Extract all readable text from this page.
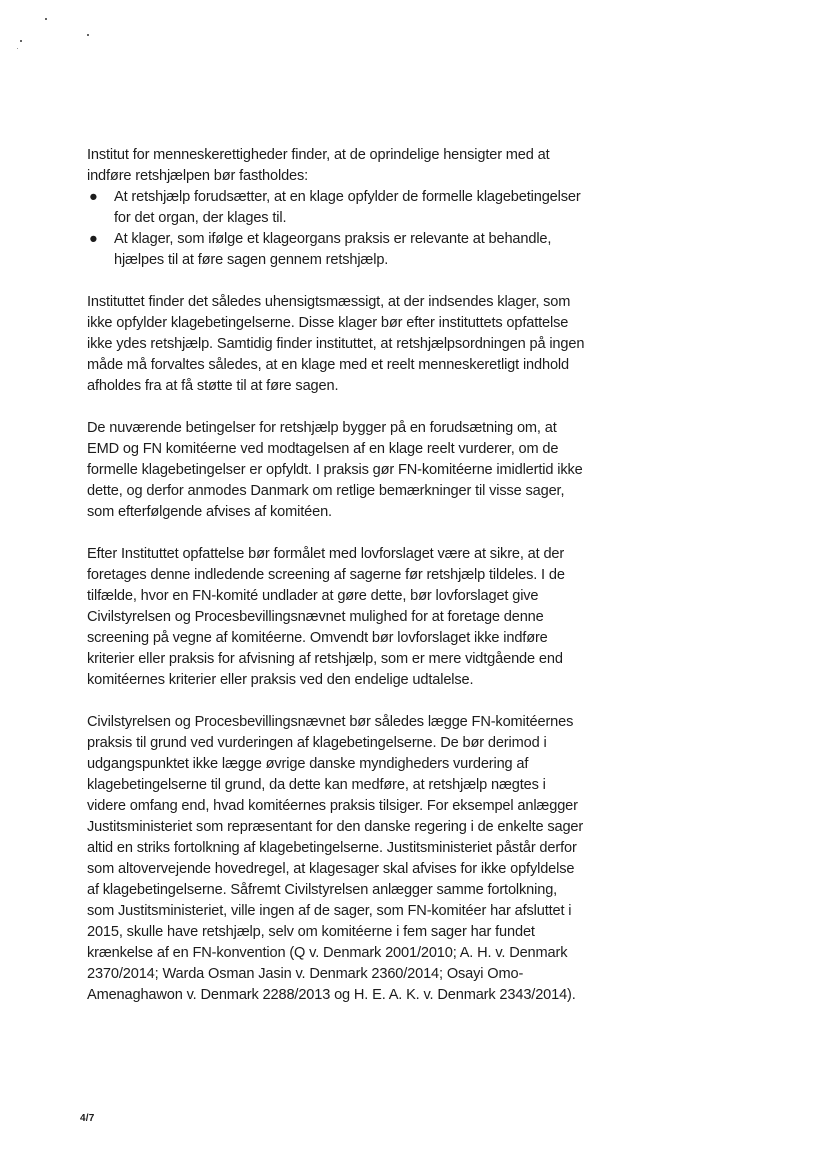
Institut for menneskerettigheder finder, at de oprindelige hensigter med at indføre retshjælpen bør fastholdes:

● At retshjælp forudsætter, at en klage opfylder de formelle klagebetingelser for det organ, der klages til.
● At klager, som ifølge et klageorgans praksis er relevante at behandle, hjælpes til at føre sagen gennem retshjælp.

Instituttet finder det således uhensigtsmæssigt, at der indsendes klager, som ikke opfylder klagebetingelserne. Disse klager bør efter instituttets opfattelse ikke ydes retshjælp. Samtidig finder instituttet, at retshjælpsordningen på ingen måde må forvaltes således, at en klage med et reelt menneskeretligt indhold afholdes fra at få støtte til at føre sagen.

De nuværende betingelser for retshjælp bygger på en forudsætning om, at EMD og FN komitéerne ved modtagelsen af en klage reelt vurderer, om de formelle klagebetingelser er opfyldt. I praksis gør FN-komitéerne imidlertid ikke dette, og derfor anmodes Danmark om retlige bemærkninger til visse sager, som efterfølgende afvises af komitéen.

Efter Instituttet opfattelse bør formålet med lovforslaget være at sikre, at der foretages denne indledende screening af sagerne før retshjælp tildeles. I de tilfælde, hvor en FN-komité undlader at gøre dette, bør lovforslaget give Civilstyrelsen og Procesbevillingsnævnet mulighed for at foretage denne screening på vegne af komitéerne. Omvendt bør lovforslaget ikke indføre kriterier eller praksis for afvisning af retshjælp, som er mere vidtgående end komitéernes kriterier eller praksis ved den endelige udtalelse.

Civilstyrelsen og Procesbevillingsnævnet bør således lægge FN-komitéernes praksis til grund ved vurderingen af klagebetingelserne. De bør derimod i udgangspunktet ikke lægge øvrige danske myndigheders vurdering af klagebetingelserne til grund, da dette kan medføre, at retshjælp nægtes i videre omfang end, hvad komitéernes praksis tilsiger. For eksempel anlægger Justitsministeriet som repræsentant for den danske regering i de enkelte sager altid en striks fortolkning af klagebetingelserne. Justitsministeriet påstår derfor som altovervejende hovedregel, at klagesager skal afvises for ikke opfyldelse af klagebetingelserne. Såfremt Civilstyrelsen anlægger samme fortolkning, som Justitsministeriet, ville ingen af de sager, som FN-komitéer har afsluttet i 2015, skulle have retshjælp, selv om komitéerne i fem sager har fundet krænkelse af en FN-konvention (Q v. Denmark 2001/2010; A. H. v. Denmark 2370/2014; Warda Osman Jasin v. Denmark 2360/2014; Osayi Omo-Amenaghawon v. Denmark 2288/2013 og H. E. A. K. v. Denmark 2343/2014).

4/7
